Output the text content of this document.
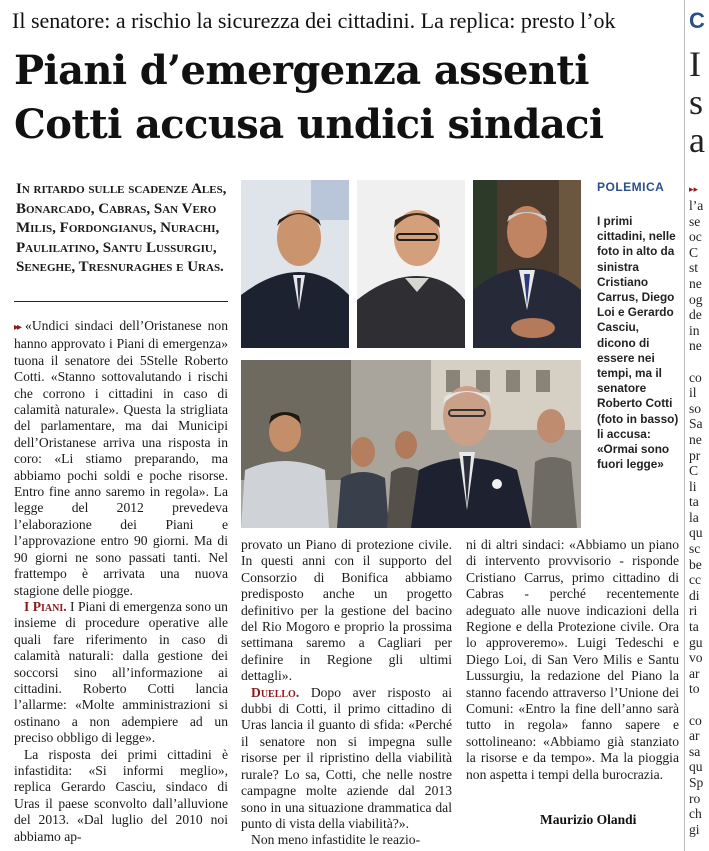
Il senatore: a rischio la sicurezza dei cittadini. La replica: presto l’ok
Piani d’emergenza assenti
Cotti accusa undici sindaci
In ritardo sulle scadenze Ales, Bonarcado, Cabras, San Vero Milis, Fordongianus, Nurachi, Paulilatino, Santu Lussurgiu, Seneghe, Tresnuraghes e Uras.

▸▸ «Undici sindaci dell’Oristanese non hanno approvato i Piani di emergenza» tuona il senatore dei 5Stelle Roberto Cotti. «Stanno sottovalutando i rischi che corrono i cittadini in caso di calamità naturale». Questa la strigliata del parlamentare, ma dai Municipi dell’Oristanese arriva una risposta in coro: «Li stiamo preparando, ma abbiamo pochi soldi e poche risorse. Entro fine anno saremo in regola». La legge del 2012 prevedeva l’elaborazione dei Piani e l’approvazione entro 90 giorni. Ma di 90 giorni ne sono passati tanti. Nel frattempo è arrivata una nuova stagione delle piogge.

I Piani. I Piani di emergenza sono un insieme di procedure operative alle quali fare riferimento in caso di calamità naturali: dalla gestione dei soccorsi sino all’informazione ai cittadini. Roberto Cotti lancia l’allarme: «Molte amministrazioni si ostinano a non adempiere ad un preciso obbligo di legge».

La risposta dei primi cittadini è infastidita: «Si informi meglio», replica Gerardo Casciu, sindaco di Uras il paese sconvolto dall’alluvione del 2013. «Dal luglio del 2010 noi abbiamo ap-

POLEMICA
I primi cittadini, nelle foto in alto da sinistra Cristiano Carrus, Diego Loi e Gerardo Casciu, dicono di essere nei tempi, ma il senatore Roberto Cotti (foto in basso) li accusa: «Ormai sono fuori legge»

provato un Piano di protezione civile. In questi anni con il supporto del Consorzio di Bonifica abbiamo predisposto anche un progetto definitivo per la gestione del bacino del Rio Mogoro e proprio la prossima settimana saremo a Cagliari per definire in Regione gli ultimi dettagli».

Duello. Dopo aver risposto ai dubbi di Cotti, il primo cittadino di Uras lancia il guanto di sfida: «Perché il senatore non si impegna sulle risorse per il ripristino della viabilità rurale? Lo sa, Cotti, che nelle nostre campagne molte aziende dal 2013 sono in una situazione drammatica dal punto di vista della viabilità?».

Non meno infastidite le reazio-

ni di altri sindaci: «Abbiamo un piano di intervento provvisorio - risponde Cristiano Carrus, primo cittadino di Cabras - perché recentemente adeguato alle nuove indicazioni della Regione e della Protezione civile. Ora lo approveremo». Luigi Tedeschi e Diego Loi, di San Vero Milis e Santu Lussurgiu, la redazione del Piano la stanno facendo attraverso l’Unione dei Comuni: «Entro la fine dell’anno sarà tutto in regola» fanno sapere e sottolineano: «Abbiamo già stanziato la risorse e da tempo». Ma la pioggia non aspetta i tempi della burocrazia.

Maurizio Olandi
C
I
s
a
▸▸
l’a
se
oc
C
st
ne
og
de
in
ne

co
il
so
Sa
ne
pr
C
li
ta
la
qu
sc
be
cc
di
ri
ta
gu
vo
ar
to

co
ar
sa
qu
Sp
ro
ch
gi
